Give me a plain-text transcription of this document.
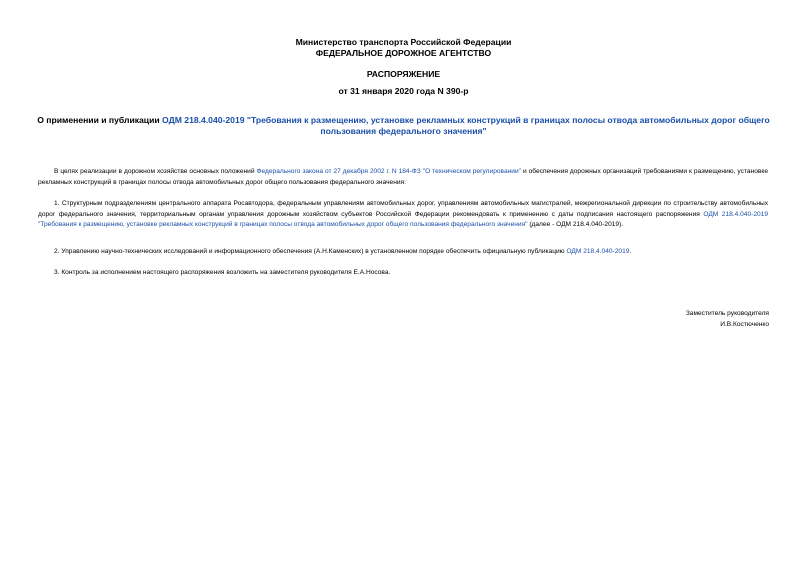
Министерство транспорта Российской Федерации
ФЕДЕРАЛЬНОЕ ДОРОЖНОЕ АГЕНТСТВО
РАСПОРЯЖЕНИЕ
от 31 января 2020 года N 390-р
О применении и публикации ОДМ 218.4.040-2019 "Требования к размещению, установке рекламных конструкций в границах полосы отвода автомобильных дорог общего пользования федерального значения"

В целях реализации в дорожном хозяйстве основных положений Федерального закона от 27 декабря 2002 г. N 184-ФЗ "О техническом регулировании" и обеспечения дорожных организаций требованиями к размещению, установке рекламных конструкций в границах полосы отвода автомобильных дорог общего пользования федерального значения:

1. Структурным подразделениям центрального аппарата Росавтодора, федеральным управлениям автомобильных дорог, управлениям автомобильных магистралей, межрегиональной дирекции по строительству автомобильных дорог федерального значения, территориальным органам управления дорожным хозяйством субъектов Российской Федерации рекомендовать к применению с даты подписания настоящего распоряжения ОДМ 218.4.040-2019 "Требования к размещению, установке рекламных конструкций в границах полосы отвода автомобильных дорог общего пользования федерального значения" (далее - ОДМ 218.4.040-2019).

2. Управлению научно-технических исследований и информационного обеспечения (А.Н.Каменских) в установленном порядке обеспечить официальную публикацию ОДМ 218.4.040-2019.

3. Контроль за исполнением настоящего распоряжения возложить на заместителя руководителя Е.А.Носова.

Заместитель руководителя
И.В.Костюченко
